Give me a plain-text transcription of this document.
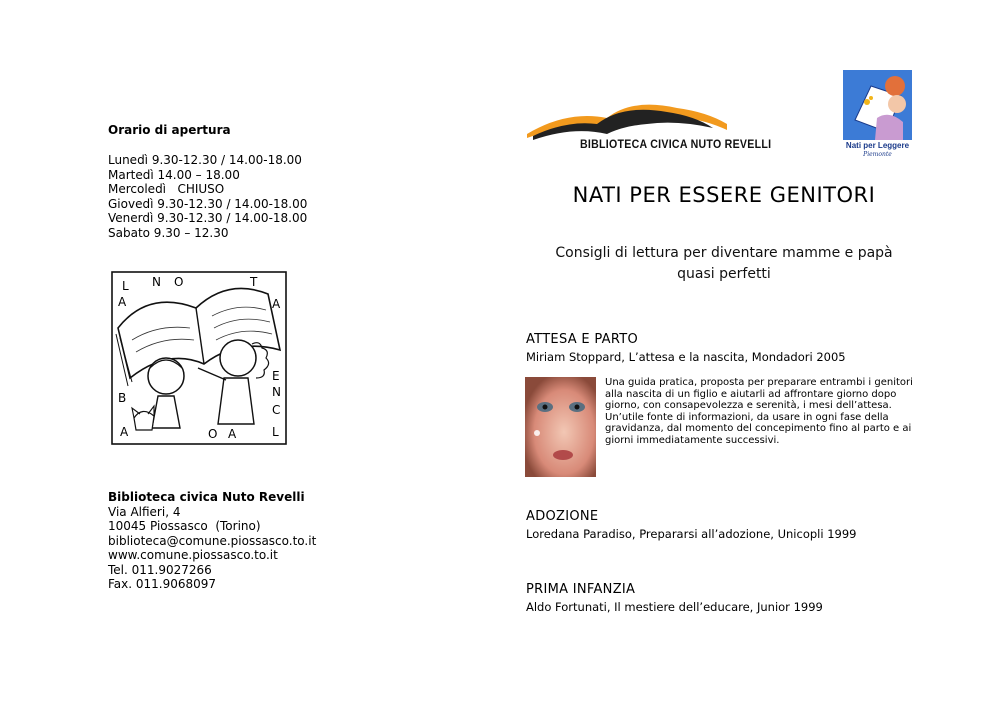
Orario di apertura
Lunedì 9.30-12.30 / 14.00-18.00
Martedì 14.00 – 18.00
Mercoledì   CHIUSO
Giovedì 9.30-12.30 / 14.00-18.00
Venerdì 9.30-12.30 / 14.00-18.00
Sabato 9.30 – 12.30
L N O	T
A
E
N
C
L
A
B
A	O A
Biblioteca civica Nuto Revelli
Via Alfieri, 4
10045 Piossasco  (Torino)
biblioteca@comune.piossasco.to.it
www.comune.piossasco.to.it
Tel. 011.9027266
Fax. 011.9068097
BIBLIOTECA CIVICA NUTO REVELLI	Nati per Leggere
Piemonte
NATI PER ESSERE GENITORI
Consigli di lettura per diventare mamme e papà
quasi perfetti
ATTESA E PARTO
Miriam Stoppard, L’attesa e la nascita, Mondadori 2005
Una guida pratica, proposta per preparare entrambi i genitori alla nascita di un figlio e aiutarli ad affrontare giorno dopo giorno, con consapevolezza e serenità, i mesi dell’attesa. Un’utile fonte di informazioni, da usare in ogni fase della gravidanza, dal momento del concepimento fino al parto e ai giorni immediatamente successivi.
ADOZIONE
Loredana Paradiso, Prepararsi all’adozione, Unicopli 1999
PRIMA INFANZIA
Aldo Fortunati, Il mestiere dell’educare, Junior 1999
